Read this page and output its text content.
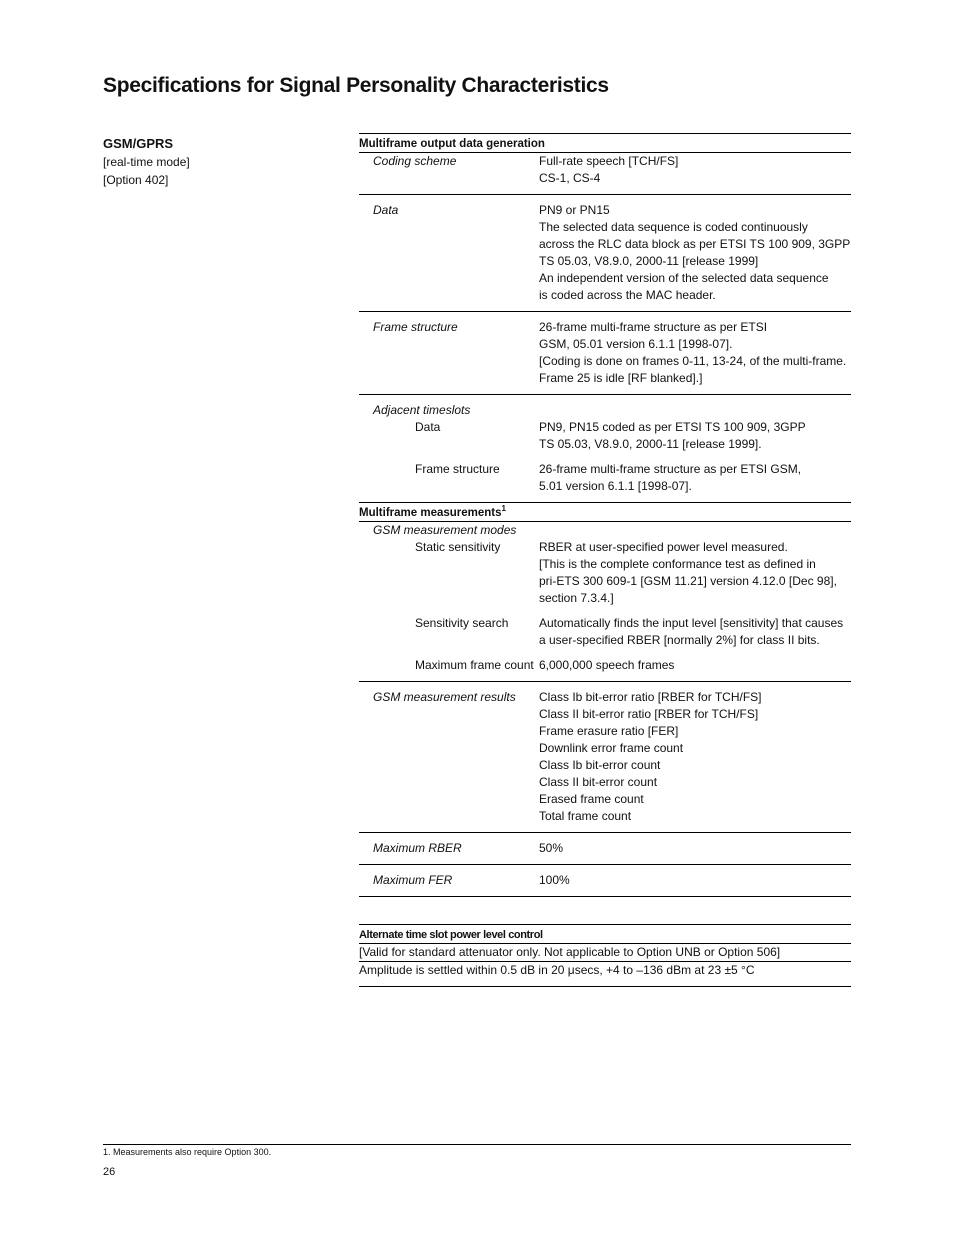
Specifications for Signal Personality Characteristics
GSM/GPRS
[real-time mode]
[Option 402]
Multiframe output data generation
Coding scheme	Full-rate speech [TCH/FS]
CS-1, CS-4
Data	PN9 or PN15
The selected data sequence is coded continuously
across the RLC data block as per ETSI TS 100 909, 3GPP
TS 05.03, V8.9.0, 2000-11 [release 1999]
An independent version of the selected data sequence
is coded across the MAC header.
Frame structure	26-frame multi-frame structure as per ETSI
GSM, 05.01 version 6.1.1 [1998-07].
[Coding is done on frames 0-11, 13-24, of the multi-frame.
Frame 25 is idle [RF blanked].]
Adjacent timeslots
Data	PN9, PN15 coded as per ETSI TS 100 909, 3GPP
TS 05.03, V8.9.0, 2000-11 [release 1999].
Frame structure	26-frame multi-frame structure as per ETSI GSM,
5.01 version 6.1.1 [1998-07].
Multiframe measurements$^1$
GSM measurement modes
Static sensitivity	RBER at user-specified power level measured.
[This is the complete conformance test as defined in
pri-ETS 300 609-1 [GSM 11.21] version 4.12.0 [Dec 98],
section 7.3.4.]
Sensitivity search	Automatically finds the input level [sensitivity] that causes
a user-specified RBER [normally 2%] for class II bits.
Maximum frame count 6,000,000 speech frames
GSM measurement results	Class Ib bit-error ratio [RBER for TCH/FS]
Class II bit-error ratio [RBER for TCH/FS]
Frame erasure ratio [FER]
Downlink error frame count
Class Ib bit-error count
Class II bit-error count
Erased frame count
Total frame count
Maximum RBER	50%
Maximum FER	100%
Alternate time slot power level control
[Valid for standard attenuator only. Not applicable to Option UNB or Option 506]
Amplitude is settled within 0.5 dB in 20 μsecs, +4 to –136 dBm at 23 ±5 °C
1. Measurements also require Option 300.
26
